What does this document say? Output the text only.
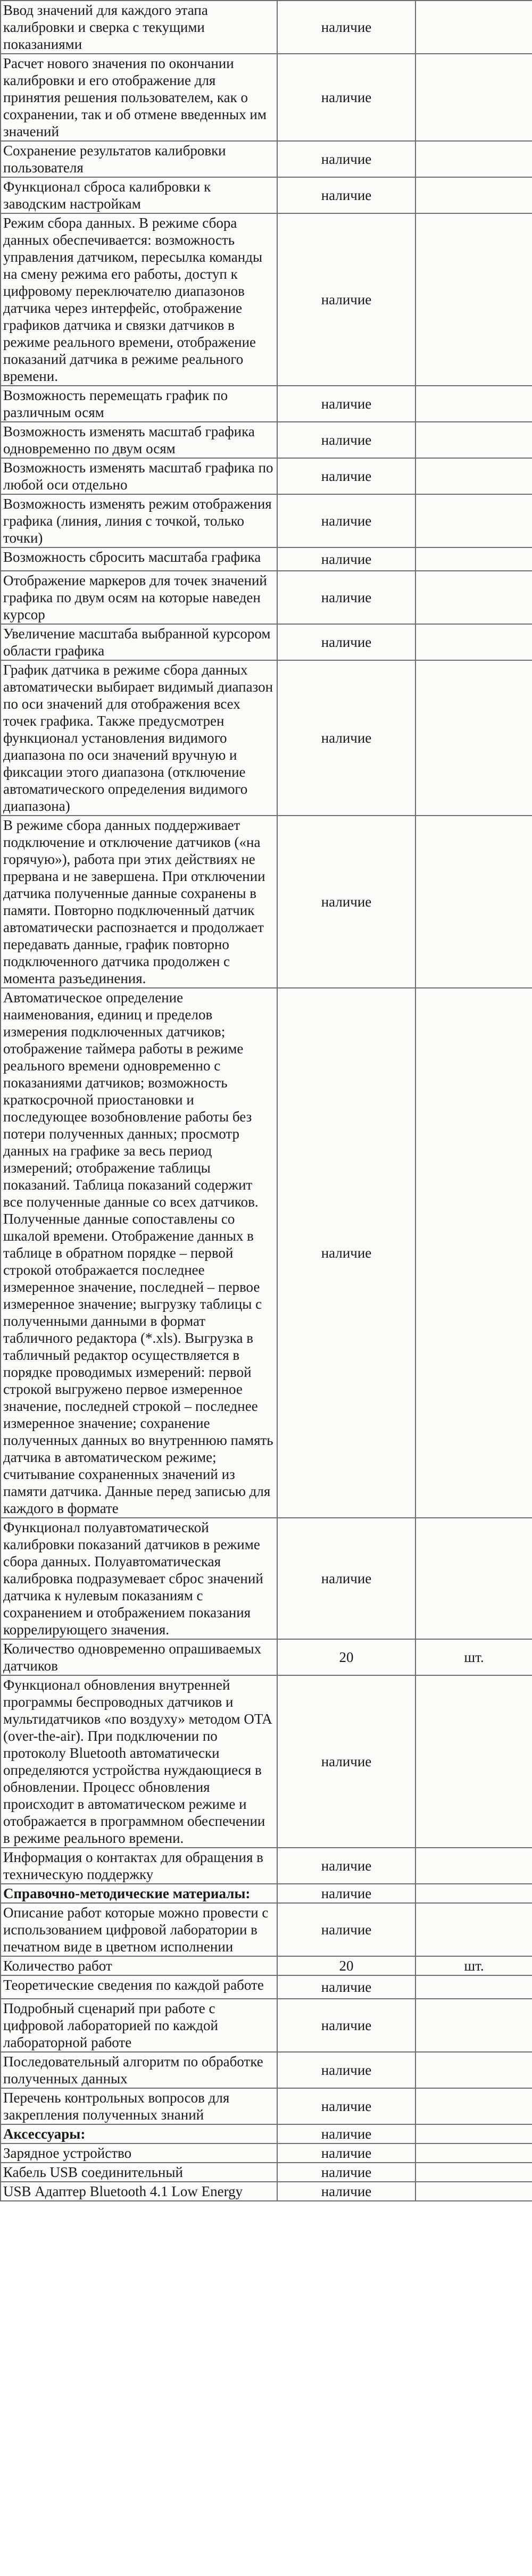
Ввод значений для каждого этапа калибровки и сверка с текущими показаниями	наличие	
Расчет нового значения по окончании калибровки и его отображение для принятия решения пользователем, как о сохранении, так и об отмене введенных им значений	наличие	
Сохранение результатов калибровки пользователя	наличие	
Функционал сброса калибровки к заводским настройкам	наличие	
Режим сбора данных. В режиме сбора данных обеспечивается: возможность управления датчиком, пересылка команды на смену режима его работы, доступ к цифровому переключателю диапазонов датчика через интерфейс, отображение графиков датчика и связки датчиков в режиме реального времени, отображение показаний датчика в режиме реального времени.	наличие	
Возможность перемещать график по различным осям	наличие	
Возможность изменять масштаб графика одновременно по двум осям	наличие	
Возможность изменять масштаб графика по любой оси отдельно	наличие	
Возможность изменять режим отображения графика (линия, линия с точкой, только точки)	наличие	
Возможность сбросить масштаба графика	наличие	
Отображение маркеров для точек значений графика по двум осям на которые наведен курсор	наличие	
Увеличение масштаба выбранной курсором области графика	наличие	
График датчика в режиме сбора данных автоматически выбирает видимый диапазон по оси значений для отображения всех точек графика. Также предусмотрен функционал установления видимого диапазона по оси значений вручную и фиксации этого диапазона (отключение автоматического определения видимого диапазона)	наличие	
В режиме сбора данных поддерживает подключение и отключение датчиков («на горячую»), работа при этих действиях не прервана и не завершена. При отключении датчика полученные данные сохранены в памяти. Повторно подключенный датчик автоматически распознается и продолжает передавать данные, график повторно подключенного датчика продолжен с момента разъединения.	наличие	
Автоматическое определение наименования, единиц и пределов измерения подключенных датчиков; отображение таймера работы в режиме реального времени одновременно с показаниями датчиков; возможность краткосрочной приостановки и последующее возобновление работы без потери полученных данных; просмотр данных на графике за весь период измерений; отображение таблицы показаний. Таблица показаний содержит все полученные данные со всех датчиков. Полученные данные сопоставлены со шкалой времени. Отображение данных в таблице в обратном порядке – первой строкой отображается последнее измеренное значение, последней – первое измеренное значение; выгрузку таблицы с полученными данными в формат табличного редактора (*.xls). Выгрузка в табличный редактор осуществляется в порядке проводимых измерений: первой строкой выгружено первое измеренное значение, последней строкой – последнее измеренное значение; сохранение полученных данных во внутреннюю память датчика в автоматическом режиме; считывание сохраненных значений из памяти датчика. Данные перед записью для каждого в формате	наличие	
Функционал полуавтоматической калибровки показаний датчиков в режиме сбора данных. Полуавтоматическая калибровка подразумевает сброс значений датчика к нулевым показаниям с сохранением и отображением показания коррелирующего значения.	наличие	
Количество одновременно опрашиваемых датчиков	20	шт.
Функционал обновления внутренней программы беспроводных датчиков и мультидатчиков «по воздуху» методом OTA (over-the-air). При подключении по протоколу Bluetooth автоматически определяются устройства нуждающиеся в обновлении. Процесс обновления происходит в автоматическом режиме и отображается в программном обеспечении в режиме реального времени.	наличие	
Информация о контактах для обращения в техническую поддержку	наличие	
Справочно-методические материалы:	наличие	
Описание работ которые можно провести с использованием цифровой лаборатории в печатном виде в цветном исполнении	наличие	
Количество работ	20	шт.
Теоретические сведения по каждой работе	наличие	
Подробный сценарий при работе с цифровой лабораторией по каждой лабораторной работе	наличие	
Последовательный алгоритм по обработке полученных данных	наличие	
Перечень контрольных вопросов для закрепления полученных знаний	наличие	
Аксессуары:	наличие	
Зарядное устройство	наличие	
Кабель USB соединительный	наличие	
USB Адаптер Bluetooth 4.1 Low Energy	наличие	
